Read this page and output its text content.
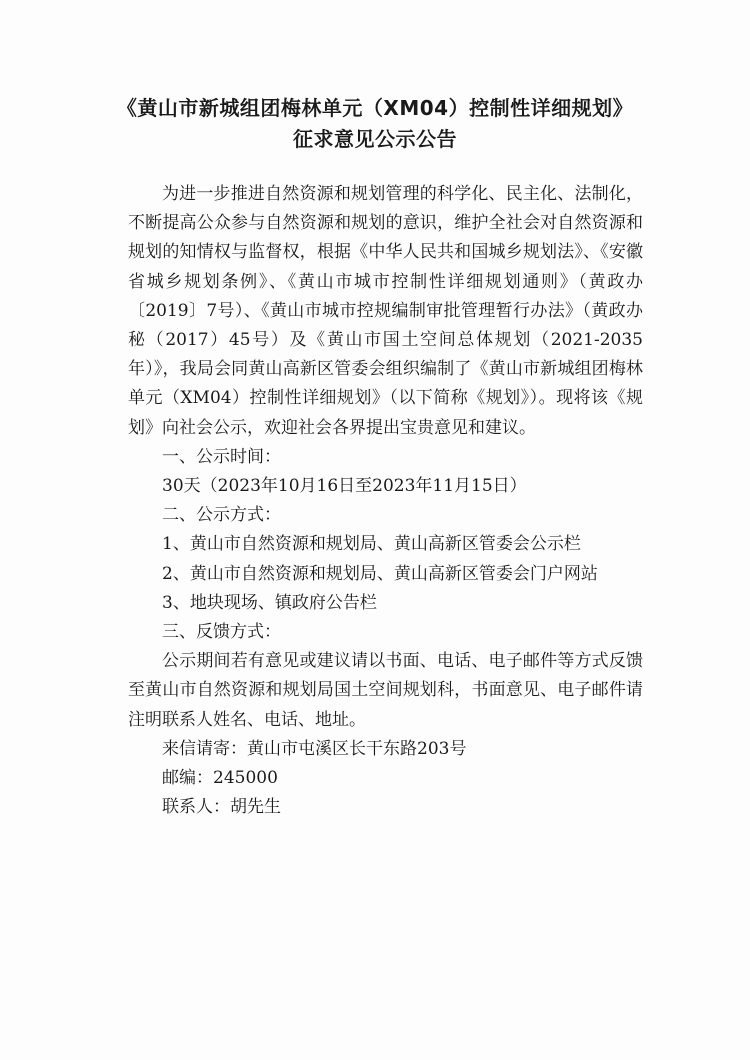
《黄山市新城组团梅林单元（XM04）控制性详细规划》
征求意见公示公告

为进一步推进自然资源和规划管理的科学化、民主化、法制化，不断提高公众参与自然资源和规划的意识，维护全社会对自然资源和规划的知情权与监督权，根据《中华人民共和国城乡规划法》、《安徽省城乡规划条例》、《黄山市城市控制性详细规划通则》（黄政办〔2019〕7号）、《黄山市城市控规编制审批管理暂行办法》（黄政办秘（2017）45号）及《黄山市国土空间总体规划（2021-2035年）》，我局会同黄山高新区管委会组织编制了《黄山市新城组团梅林单元（XM04）控制性详细规划》（以下简称《规划》）。现将该《规划》向社会公示，欢迎社会各界提出宝贵意见和建议。

一、公示时间：

30天（2023年10月16日至2023年11月15日）

二、公示方式：

1、黄山市自然资源和规划局、黄山高新区管委会公示栏

2、黄山市自然资源和规划局、黄山高新区管委会门户网站

3、地块现场、镇政府公告栏

三、反馈方式：

公示期间若有意见或建议请以书面、电话、电子邮件等方式反馈至黄山市自然资源和规划局国土空间规划科，书面意见、电子邮件请注明联系人姓名、电话、地址。

来信请寄：黄山市屯溪区长干东路203号

邮编：245000

联系人：胡先生
